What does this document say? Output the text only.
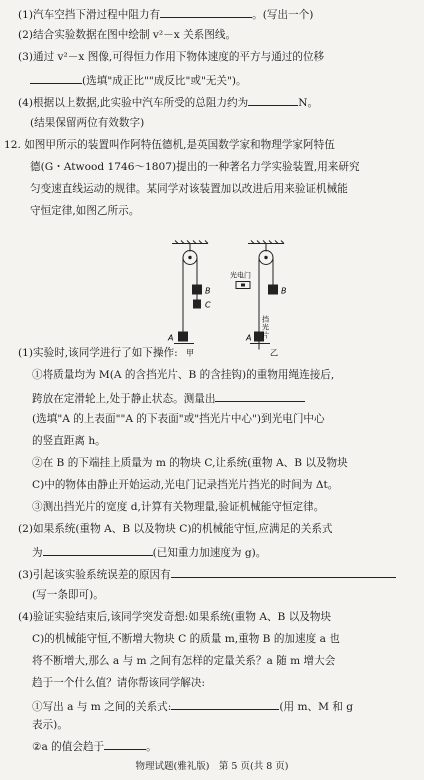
(1)汽车空挡下滑过程中阻力有	。(写出一个)
(2)结合实验数据在图中绘制 v²－x 关系图线。
(3)通过 v²－x 图像,可得恒力作用下物体速度的平方与通过的位移
(选填"成正比""成反比"或"无关")。
(4)根据以上数据,此实验中汽车所受的总阻力约为	N。
(结果保留两位有效数字)
12. 如图甲所示的装置叫作阿特伍德机,是英国数学家和物理学家阿特伍
德(G・Atwood 1746～1807)提出的一种著名力学实验装置,用来研究
匀变速直线运动的规律。某同学对该装置加以改进后用来验证机械能
守恒定律,如图乙所示。
B
C
A
甲
光电门
B
A
挡
光
片
乙
(1)实验时,该同学进行了如下操作:
①将质量均为 M(A 的含挡光片、B 的含挂钩)的重物用绳连接后,
跨放在定滑轮上,处于静止状态。测量出
(选填"A 的上表面""A 的下表面"或"挡光片中心")到光电门中心
的竖直距离 h。
②在 B 的下端挂上质量为 m 的物块 C,让系统(重物 A、B 以及物块
C)中的物体由静止开始运动,光电门记录挡光片挡光的时间为 Δt。
③测出挡光片的宽度 d,计算有关物理量,验证机械能守恒定律。
(2)如果系统(重物 A、B 以及物块 C)的机械能守恒,应满足的关系式
为	(已知重力加速度为 g)。
(3)引起该实验系统误差的原因有
(写一条即可)。
(4)验证实验结束后,该同学突发奇想:如果系统(重物 A、B 以及物块
C)的机械能守恒,不断增大物块 C 的质量 m,重物 B 的加速度 a 也
将不断增大,那么 a 与 m 之间有怎样的定量关系？a 随 m 增大会
趋于一个什么值？请你帮该同学解决:
①写出 a 与 m 之间的关系式:	(用 m、M 和 g
表示)。
②a 的值会趋于	。
物理试题(雅礼版)　第 5 页(共 8 页)
